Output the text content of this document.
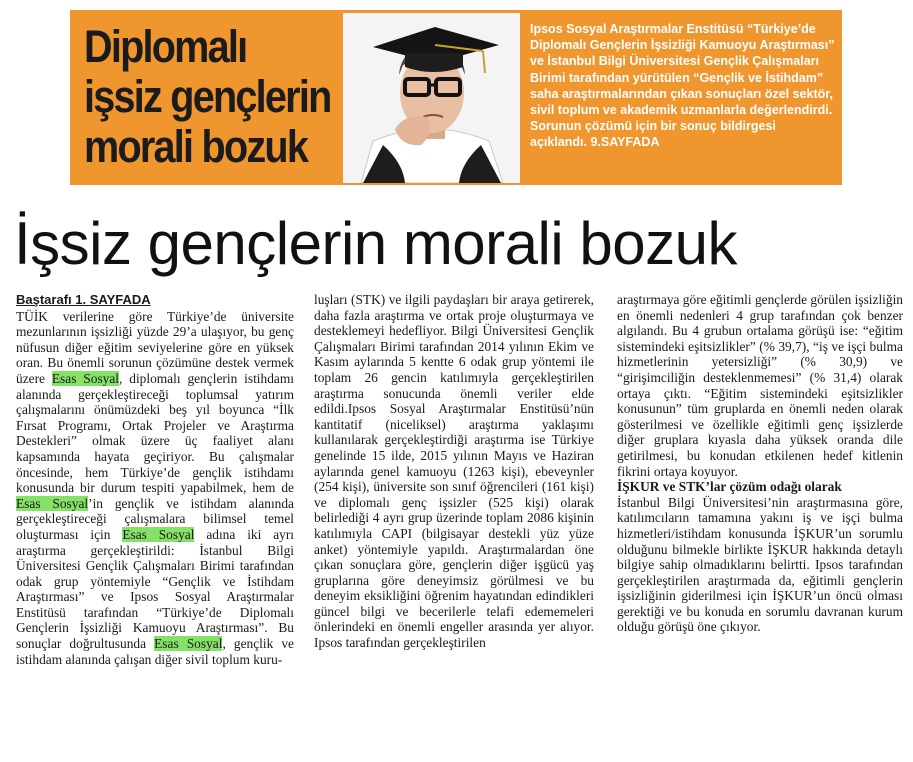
Diplomalı
işsiz gençlerin
morali bozuk
Ipsos Sosyal Araştırmalar Enstitüsü “Türkiye’de Diplomalı Gençlerin İşsizliği Kamuoyu Araştırması” ve İstanbul Bilgi Üniversitesi Gençlik Çalışmaları Birimi tarafından yürütülen “Gençlik ve İstihdam” saha araştırmalarından çıkan sonuçları özel sektör, sivil toplum ve akademik uzmanlarla değerlendirdi. Sorunun çözümü için bir sonuç bildirgesi açıklandı. 9.SAYFADA
İşsiz gençlerin morali bozuk
Baştarafı 1. SAYFADA

TÜİK verilerine göre Türkiye’de üniversite mezunlarının işsizliği yüzde 29’a ulaşıyor, bu genç nüfusun diğer eğitim seviyelerine göre en yüksek oran. Bu önemli sorunun çözümüne destek vermek üzere Esas Sosyal, diplomalı gençlerin istihdamı alanında gerçekleştireceği toplumsal yatırım çalışmalarını önümüzdeki beş yıl boyunca “İlk Fırsat Programı, Ortak Projeler ve Araştırma Destekleri” olmak üzere üç faaliyet alanı kapsamında hayata geçiriyor. Bu çalışmalar öncesinde, hem Türkiye’de gençlik istihdamı konusunda bir durum tespiti yapabilmek, hem de Esas Sosyal’in gençlik ve istihdam alanında gerçekleştireceği çalışmalara bilimsel temel oluşturması için Esas Sosyal adına iki ayrı araştırma gerçekleştirildi: İstanbul Bilgi Üniversitesi Gençlik Çalışmaları Birimi tarafından odak grup yöntemiyle “Gençlik ve İstihdam Araştırması” ve Ipsos Sosyal Araştırmalar Enstitüsü tarafından “Türkiye’de Diplomalı Gençlerin İşsizliği Kamuoyu Araştırması”. Bu sonuçlar doğrultusunda Esas Sosyal, gençlik ve istihdam alanında çalışan diğer sivil toplum kuru-

luşları (STK) ve ilgili paydaşları bir araya getirerek, daha fazla araştırma ve ortak proje oluşturmaya ve desteklemeyi hedefliyor. Bilgi Üniversitesi Gençlik Çalışmaları Birimi tarafından 2014 yılının Ekim ve Kasım aylarında 5 kentte 6 odak grup yöntemi ile toplam 26 gencin katılımıyla gerçekleştirilen araştırma sonucunda önemli veriler elde edildi.Ipsos Sosyal Araştırmalar Enstitüsü’nün kantitatif (niceliksel) araştırma yaklaşımı kullanılarak gerçekleştirdiği araştırma ise Türkiye genelinde 15 ilde, 2015 yılının Mayıs ve Haziran aylarında genel kamuoyu (1263 kişi), ebeveynler (254 kişi), üniversite son sınıf öğrencileri (161 kişi) ve diplomalı genç işsizler (525 kişi) olarak belirlediği 4 ayrı grup üzerinde toplam 2086 kişinin katılımıyla CAPI (bilgisayar destekli yüz yüze anket) yöntemiyle yapıldı. Araştırmalardan öne çıkan sonuçlara göre, gençlerin diğer işgücü yaş gruplarına göre deneyimsiz görülmesi ve bu deneyim eksikliğini öğrenim hayatından edindikleri güncel bilgi ve becerilerle telafi edememeleri önlerindeki en önemli engeller arasında yer alıyor. Ipsos tarafından gerçekleştirilen

araştırmaya göre eğitimli gençlerde görülen işsizliğin en önemli nedenleri 4 grup tarafından çok benzer algılandı. Bu 4 grubun ortalama görüşü ise: “eğitim sistemindeki eşitsizlikler” (% 39,7), “iş ve işçi bulma hizmetlerinin yetersizliği” (% 30,9) ve “girişimciliğin desteklenmemesi” (% 31,4) olarak ortaya çıktı. “Eğitim sistemindeki eşitsizlikler konusunun” tüm gruplarda en önemli neden olarak gösterilmesi ve özellikle eğitimli genç işsizlerde diğer gruplara kıyasla daha yüksek oranda dile getirilmesi, bu konudan etkilenen hedef kitlenin fikrini ortaya koyuyor.

İŞKUR ve STK’lar çözüm odağı olarak

İstanbul Bilgi Üniversitesi’nin araştırmasına göre, katılımcıların tamamına yakını iş ve işçi bulma hizmetleri/istihdam konusunda İŞKUR’un sorumlu olduğunu bilmekle birlikte İŞKUR hakkında detaylı bilgiye sahip olmadıklarını belirtti. Ipsos tarafından gerçekleştirilen araştırmada da, eğitimli gençlerin işsizliğinin giderilmesi için İŞKUR’un öncü olması gerektiği ve bu konuda en sorumlu davranan kurum olduğu görüşü öne çıkıyor.
